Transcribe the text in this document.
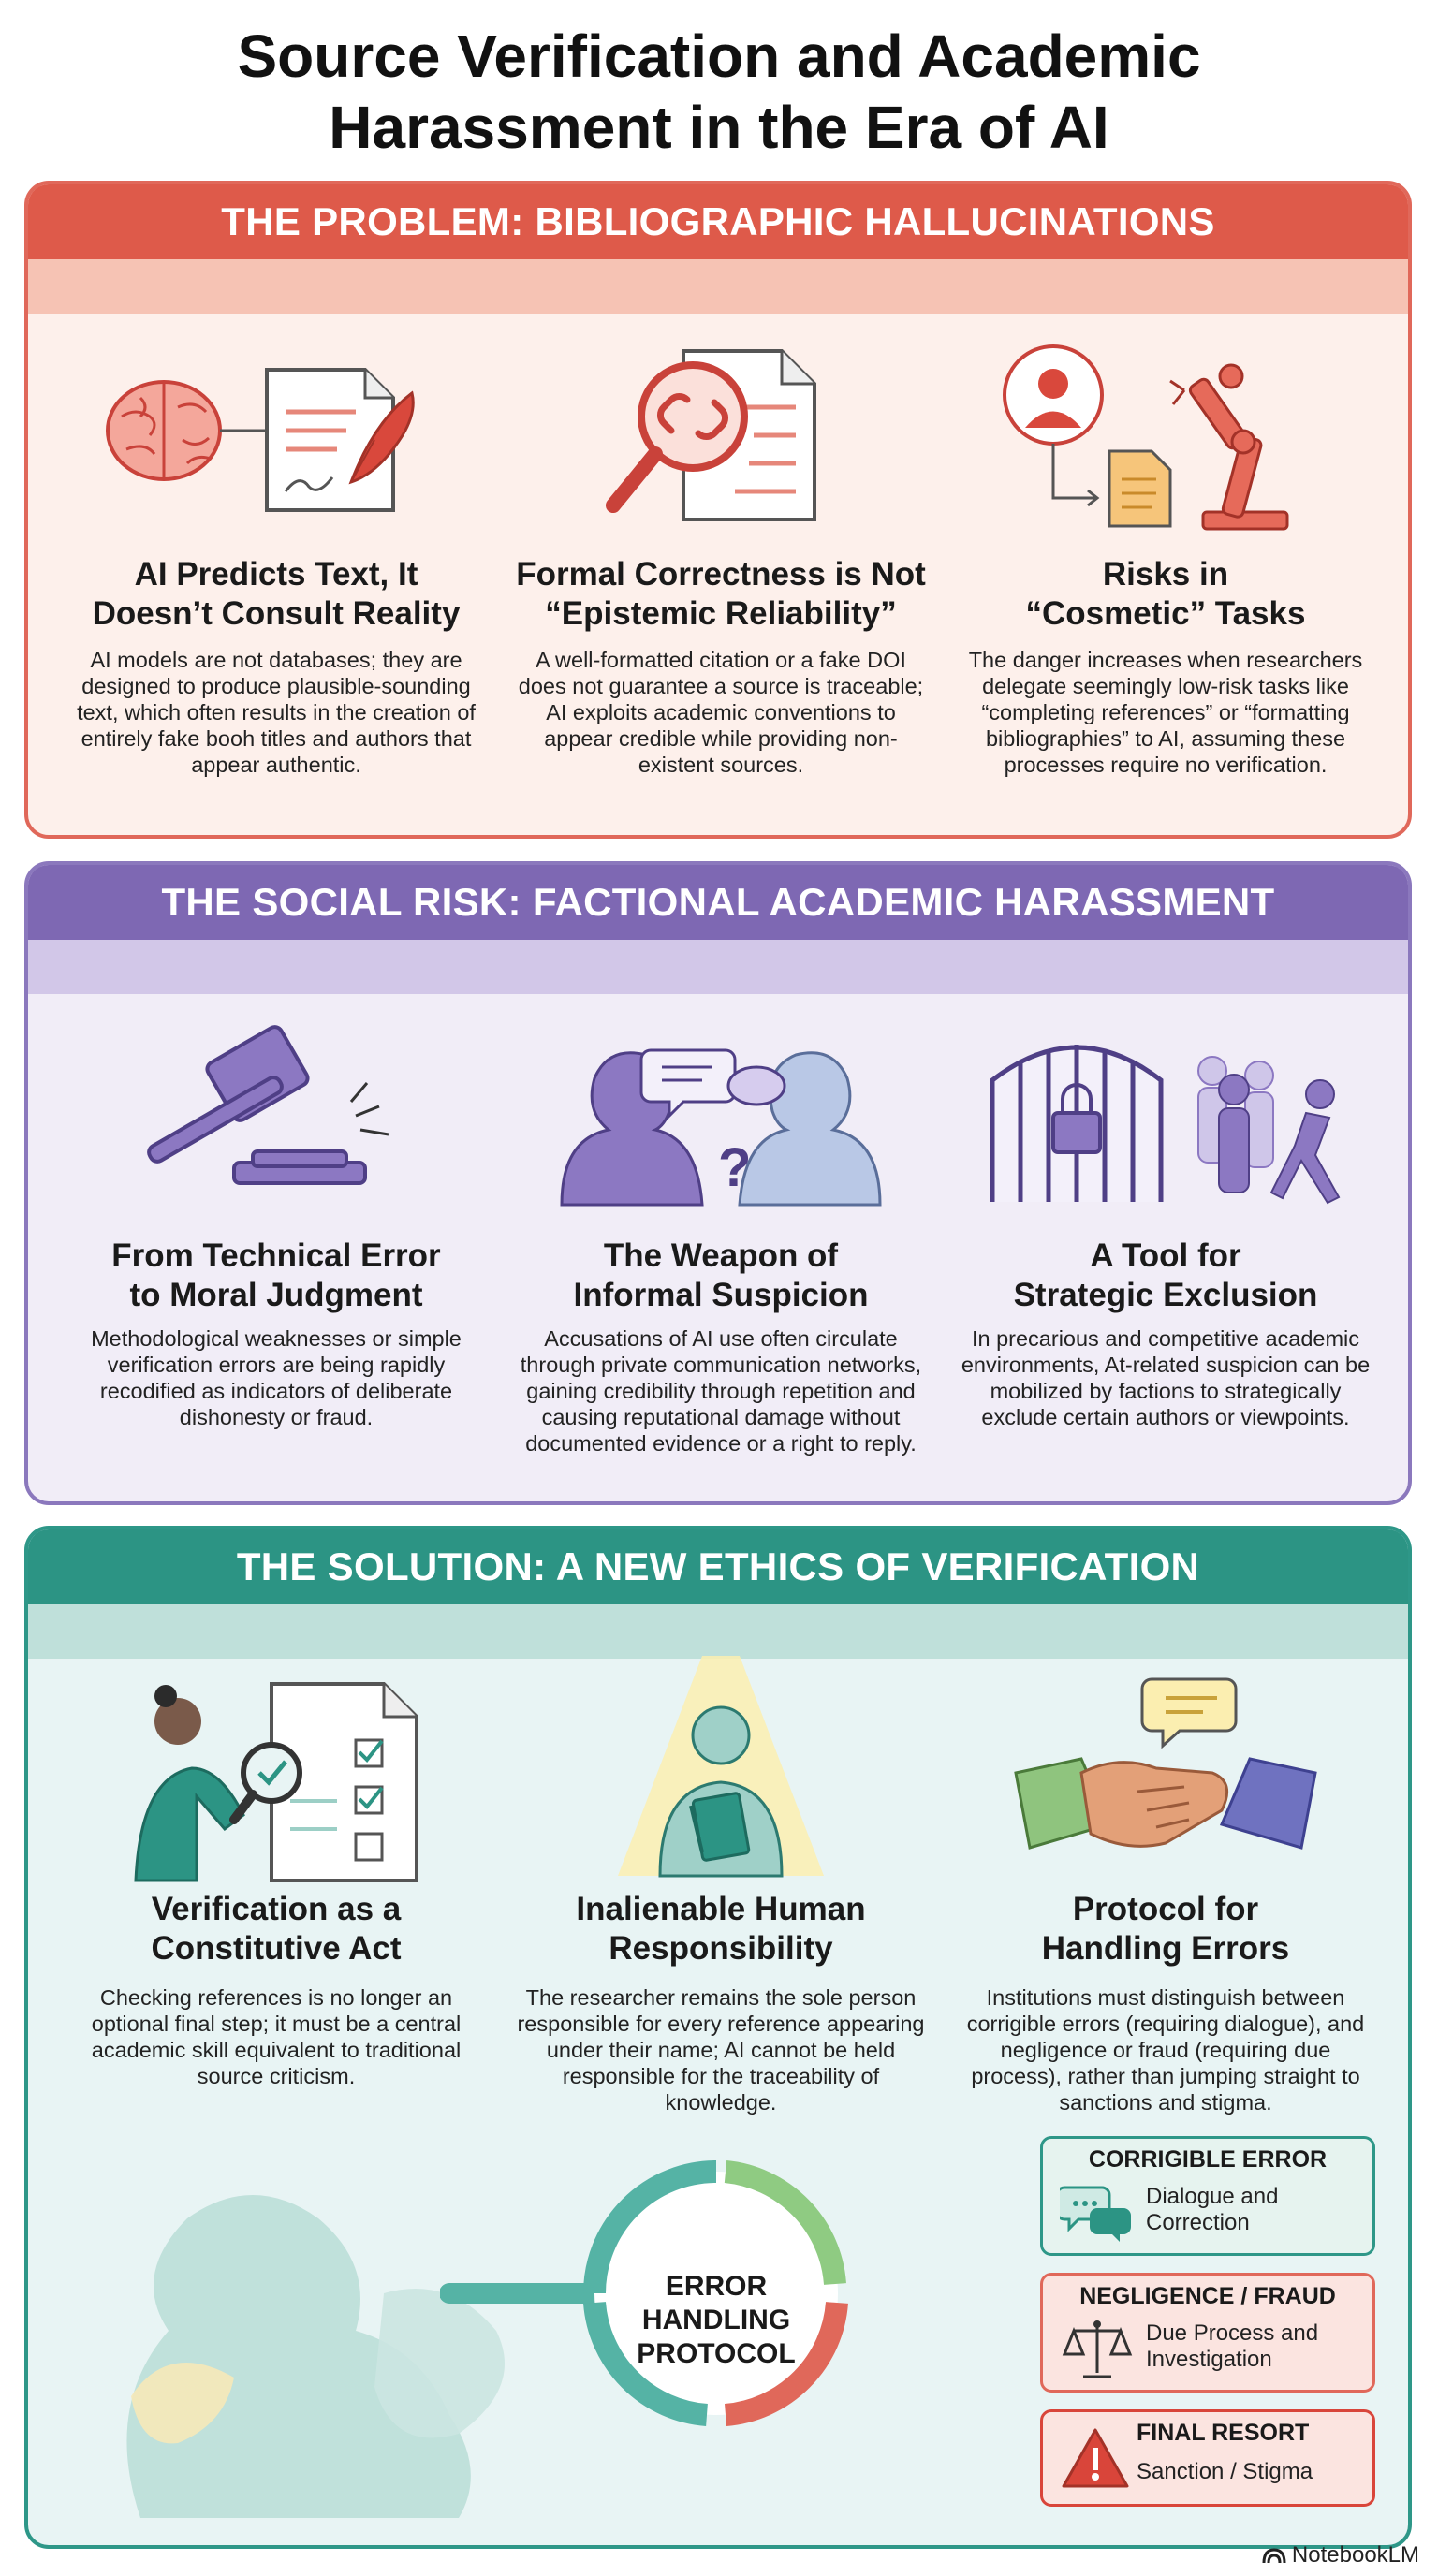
Source Verification and Academic
Harassment in the Era of AI
THE PROBLEM: BIBLIOGRAPHIC HALLUCINATIONS
AI Predicts Text, It
Doesn’t Consult Reality
AI models are not databases; they are designed to produce plausible-sounding text, which often results in the creation of entirely fake booh titles and authors that appear authentic.
Formal Correctness is Not
“Epistemic Reliability”
A well-formatted citation or a fake DOI does not guarantee a source is traceable; AI exploits academic conventions to appear credible while providing non-existent sources.
Risks in
“Cosmetic” Tasks
The danger increases when researchers delegate seemingly low-risk tasks like “completing references” or “formatting bibliographies” to AI, assuming these processes require no verification.
THE SOCIAL RISK: FACTIONAL ACADEMIC HARASSMENT
From Technical Error
to Moral Judgment
Methodological weaknesses or simple verification errors are being rapidly recodified as indicators of deliberate dishonesty or fraud.
?
The Weapon of
Informal Suspicion
Accusations of AI use often circulate through private communication networks, gaining credibility through repetition and causing reputational damage without documented evidence or a right to reply.
A Tool for
Strategic Exclusion
In precarious and competitive academic environments, At-related suspicion can be mobilized by factions to strategically exclude certain authors or viewpoints.
THE SOLUTION: A NEW ETHICS OF VERIFICATION
Verification as a
Constitutive Act
Checking references is no longer an optional final step; it must be a central academic skill equivalent to traditional source criticism.
Inalienable Human
Responsibility
The researcher remains the sole person responsible for every reference appearing under their name; AI cannot be held responsible for the traceability of knowledge.
Protocol for
Handling Errors
Institutions must distinguish between corrigible errors (requiring dialogue), and negligence or fraud (requiring due process), rather than jumping straight to sanctions and stigma.
ERROR HANDLING PROTOCOL
CORRIGIBLE ERROR
Dialogue and Correction
NEGLIGENCE / FRAUD
Due Process and Investigation
FINAL RESORT
Sanction / Stigma
NotebookLM
